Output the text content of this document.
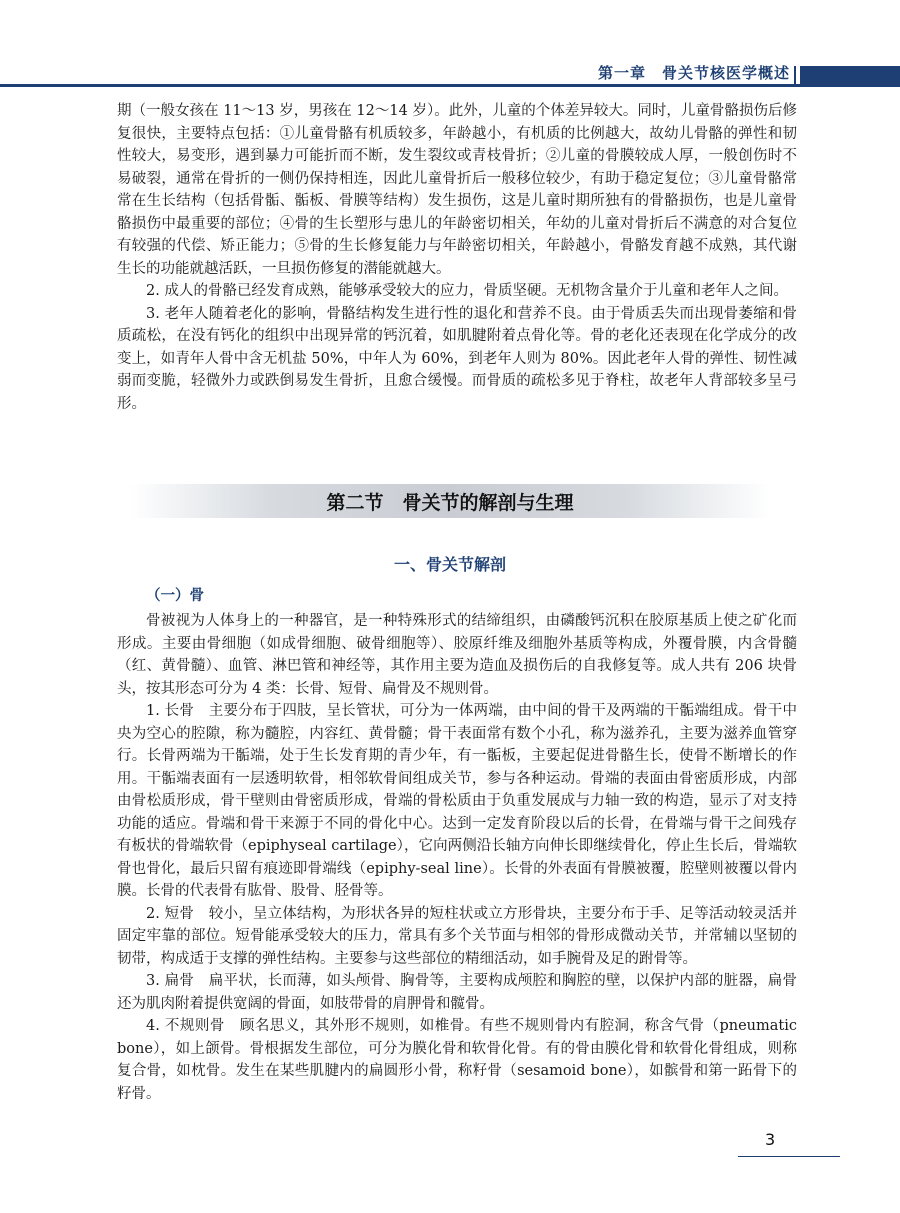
第一章　骨关节核医学概述

期（一般女孩在 11～13 岁，男孩在 12～14 岁）。此外，儿童的个体差异较大。同时，儿童骨骼损伤后修复很快，主要特点包括：①儿童骨骼有机质较多，年龄越小，有机质的比例越大，故幼儿骨骼的弹性和韧性较大，易变形，遇到暴力可能折而不断，发生裂纹或青枝骨折；②儿童的骨膜较成人厚，一般创伤时不易破裂，通常在骨折的一侧仍保持相连，因此儿童骨折后一般移位较少，有助于稳定复位；③儿童骨骼常常在生长结构（包括骨骺、骺板、骨膜等结构）发生损伤，这是儿童时期所独有的骨骼损伤，也是儿童骨骼损伤中最重要的部位；④骨的生长塑形与患儿的年龄密切相关，年幼的儿童对骨折后不满意的对合复位有较强的代偿、矫正能力；⑤骨的生长修复能力与年龄密切相关，年龄越小，骨骼发育越不成熟，其代谢生长的功能就越活跃，一旦损伤修复的潜能就越大。

2. 成人的骨骼已经发育成熟，能够承受较大的应力，骨质坚硬。无机物含量介于儿童和老年人之间。

3. 老年人随着老化的影响，骨骼结构发生进行性的退化和营养不良。由于骨质丢失而出现骨萎缩和骨质疏松，在没有钙化的组织中出现异常的钙沉着，如肌腱附着点骨化等。骨的老化还表现在化学成分的改变上，如青年人骨中含无机盐 50%，中年人为 60%，到老年人则为 80%。因此老年人骨的弹性、韧性减弱而变脆，轻微外力或跌倒易发生骨折，且愈合缓慢。而骨质的疏松多见于脊柱，故老年人背部较多呈弓形。

第二节　骨关节的解剖与生理
一、骨关节解剖
（一）骨

骨被视为人体身上的一种器官，是一种特殊形式的结缔组织，由磷酸钙沉积在胶原基质上使之矿化而形成。主要由骨细胞（如成骨细胞、破骨细胞等）、胶原纤维及细胞外基质等构成，外覆骨膜，内含骨髓（红、黄骨髓）、血管、淋巴管和神经等，其作用主要为造血及损伤后的自我修复等。成人共有 206 块骨头，按其形态可分为 4 类：长骨、短骨、扁骨及不规则骨。

1. 长骨　主要分布于四肢，呈长管状，可分为一体两端，由中间的骨干及两端的干骺端组成。骨干中央为空心的腔隙，称为髓腔，内容红、黄骨髓；骨干表面常有数个小孔，称为滋养孔，主要为滋养血管穿行。长骨两端为干骺端，处于生长发育期的青少年，有一骺板，主要起促进骨骼生长，使骨不断增长的作用。干骺端表面有一层透明软骨，相邻软骨间组成关节，参与各种运动。骨端的表面由骨密质形成，内部由骨松质形成，骨干壁则由骨密质形成，骨端的骨松质由于负重发展成与力轴一致的构造，显示了对支持功能的适应。骨端和骨干来源于不同的骨化中心。达到一定发育阶段以后的长骨，在骨端与骨干之间残存有板状的骨端软骨（epiphyseal cartilage），它向两侧沿长轴方向伸长即继续骨化，停止生长后，骨端软骨也骨化，最后只留有痕迹即骨端线（epiphy-seal line）。长骨的外表面有骨膜被覆，腔壁则被覆以骨内膜。长骨的代表骨有肱骨、股骨、胫骨等。

2. 短骨　较小，呈立体结构，为形状各异的短柱状或立方形骨块，主要分布于手、足等活动较灵活并固定牢靠的部位。短骨能承受较大的压力，常具有多个关节面与相邻的骨形成微动关节，并常辅以坚韧的韧带，构成适于支撑的弹性结构。主要参与这些部位的精细活动，如手腕骨及足的跗骨等。

3. 扁骨　扁平状，长而薄，如头颅骨、胸骨等，主要构成颅腔和胸腔的壁，以保护内部的脏器，扁骨还为肌肉附着提供宽阔的骨面，如肢带骨的肩胛骨和髋骨。

4. 不规则骨　顾名思义，其外形不规则，如椎骨。有些不规则骨内有腔洞，称含气骨（pneumatic bone），如上颌骨。骨根据发生部位，可分为膜化骨和软骨化骨。有的骨由膜化骨和软骨化骨组成，则称复合骨，如枕骨。发生在某些肌腱内的扁圆形小骨，称籽骨（sesamoid bone），如髌骨和第一跖骨下的籽骨。

3
